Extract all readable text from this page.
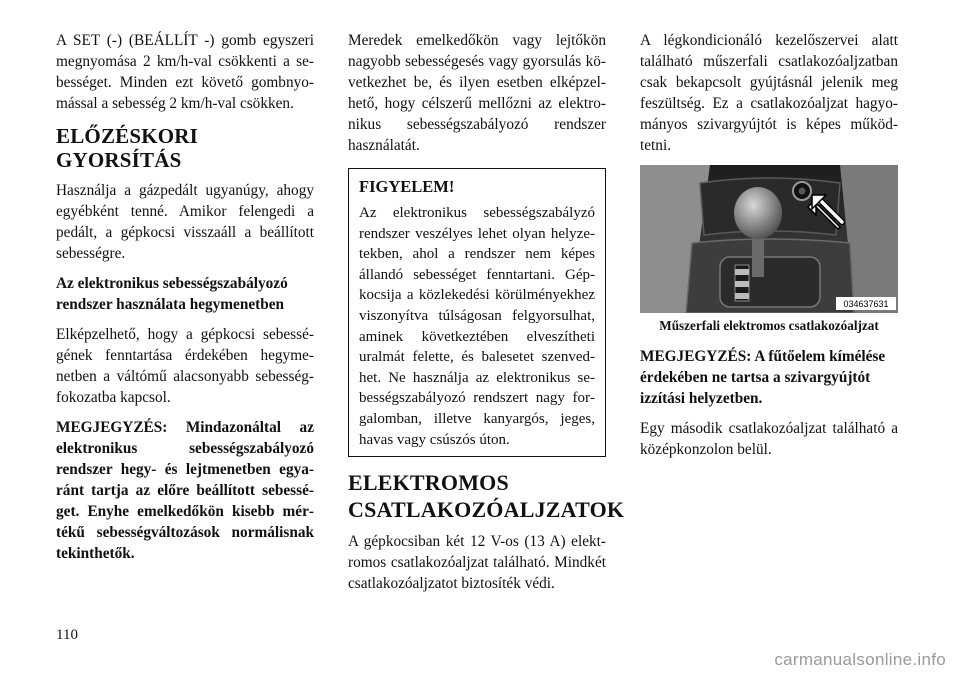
A SET (-) (BEÁLLÍT -) gomb egyszeri megnyomása 2 km/h-val csökkenti a sebességet. Minden ezt követő gombnyomással a sebesség 2 km/h-val csökken.

ELŐZÉSKORI GYORSÍTÁS

Használja a gázpedált ugyanúgy, ahogy egyébként tenné. Amikor felengedi a pedált, a gépkocsi visszaáll a beállított sebességre.

Az elektronikus sebességszabályozó rendszer használata hegymenetben

Elképzelhető, hogy a gépkocsi sebességének fenntartása érdekében hegymenetben a váltómű alacsonyabb sebességfokozatba kapcsol.

MEGJEGYZÉS: Mindazonáltal az elektronikus sebességszabályozó rendszer hegy- és lejtmenetben egyaránt tartja az előre beállított sebességet. Enyhe emelkedőkön kisebb mértékű sebességváltozások normálisnak tekinthetők.

Meredek emelkedőkön vagy lejtőkön nagyobb sebességesés vagy gyorsulás következhet be, és ilyen esetben elképzelhető, hogy célszerű mellőzni az elektronikus sebességszabályozó rendszer használatát.

FIGYELEM!

Az elektronikus sebességszabályzó rendszer veszélyes lehet olyan helyzetekben, ahol a rendszer nem képes állandó sebességet fenntartani. Gépkocsija a közlekedési körülményekhez viszonyítva túlságosan felgyorsulhat, aminek következtében elveszítheti uralmát felette, és balesetet szenvedhet. Ne használja az elektronikus sebességszabályozó rendszert nagy forgalomban, illetve kanyargós, jeges, havas vagy csúszós úton.

ELEKTROMOS CSATLAKOZÓALJZATOK

A gépkocsiban két 12 V-os (13 A) elektromos csatlakozóaljzat található. Mindkét csatlakozóaljzatot biztosíték védi.

A légkondicionáló kezelőszervei alatt található műszerfali csatlakozóaljzatban csak bekapcsolt gyújtásnál jelenik meg feszültség. Ez a csatlakozóaljzat hagyományos szivargyújtót is képes működtetni.

034637631
Műszerfali elektromos csatlakozóaljzat

MEGJEGYZÉS: A fűtőelem kímélése érdekében ne tartsa a szivargyújtót izzítási helyzetben.

Egy második csatlakozóaljzat található a középkonzolon belül.

110
carmanualsonline.info
